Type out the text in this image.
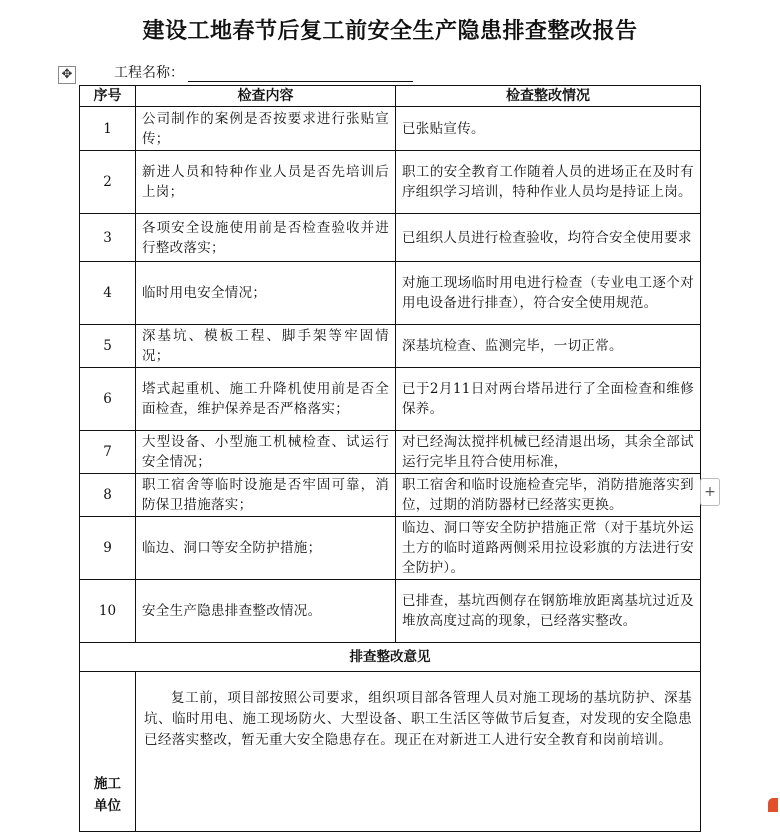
建设工地春节后复工前安全生产隐患排查整改报告
✥	工程名称：
序号	检查内容	检查整改情况
1	公司制作的案例是否按要求进行张贴宣传；	已张贴宣传。
2	新进人员和特种作业人员是否先培训后上岗；	职工的安全教育工作随着人员的进场正在及时有序组织学习培训，特种作业人员均是持证上岗。
3	各项安全设施使用前是否检查验收并进行整改落实；	已组织人员进行检查验收，均符合安全使用要求
4	临时用电安全情况；	对施工现场临时用电进行检查（专业电工逐个对用电设备进行排查），符合安全使用规范。
5	深基坑、模板工程、脚手架等牢固情况；	深基坑检查、监测完毕，一切正常。
6	塔式起重机、施工升降机使用前是否全面检查，维护保养是否严格落实；	已于2月11日对两台塔吊进行了全面检查和维修保养。
7	大型设备、小型施工机械检查、试运行安全情况；	对已经淘汰搅拌机械已经清退出场，其余全部试运行完毕且符合使用标准，
8	职工宿舍等临时设施是否牢固可靠，消防保卫措施落实；	职工宿舍和临时设施检查完毕，消防措施落实到位，过期的消防器材已经落实更换。
9	临边、洞口等安全防护措施；	临边、洞口等安全防护措施正常（对于基坑外运土方的临时道路两侧采用拉设彩旗的方法进行安全防护）。
10	安全生产隐患排查整改情况。	已排查，基坑西侧存在钢筋堆放距离基坑过近及堆放高度过高的现象，已经落实整改。
排查整改意见		
施工单位	复工前，项目部按照公司要求，组织项目部各管理人员对施工现场的基坑防护、深基坑、临时用电、施工现场防火、大型设备、职工生活区等做节后复查，对发现的安全隐患已经落实整改，暂无重大安全隐患存在。现正在对新进工人进行安全教育和岗前培训。	
+
